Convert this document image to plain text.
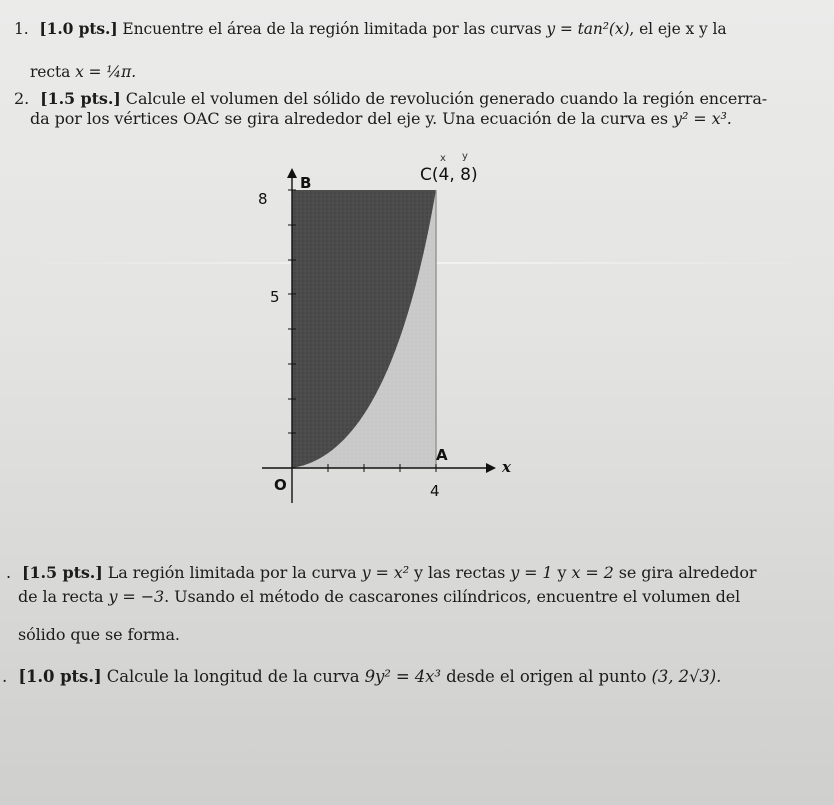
1. [1.0 pts.] Encuentre el área de la región limitada por las curvas y = tan²(x), el eje x y la
recta x = ¼π.
2. [1.5 pts.] Calcule el volumen del sólido de revolución generado cuando la región encerra-
da por los vértices OAC se gira alrededor del eje y. Una ecuación de la curva es y² = x³.
B
x y
C(4, 8)
A
O
x
8
5
4
. [1.5 pts.] La región limitada por la curva y = x² y las rectas y = 1 y x = 2 se gira alrededor
de la recta y = −3. Usando el método de cascarones cilíndricos, encuentre el volumen del
sólido que se forma.
. [1.0 pts.] Calcule la longitud de la curva 9y² = 4x³ desde el origen al punto (3, 2√3).
